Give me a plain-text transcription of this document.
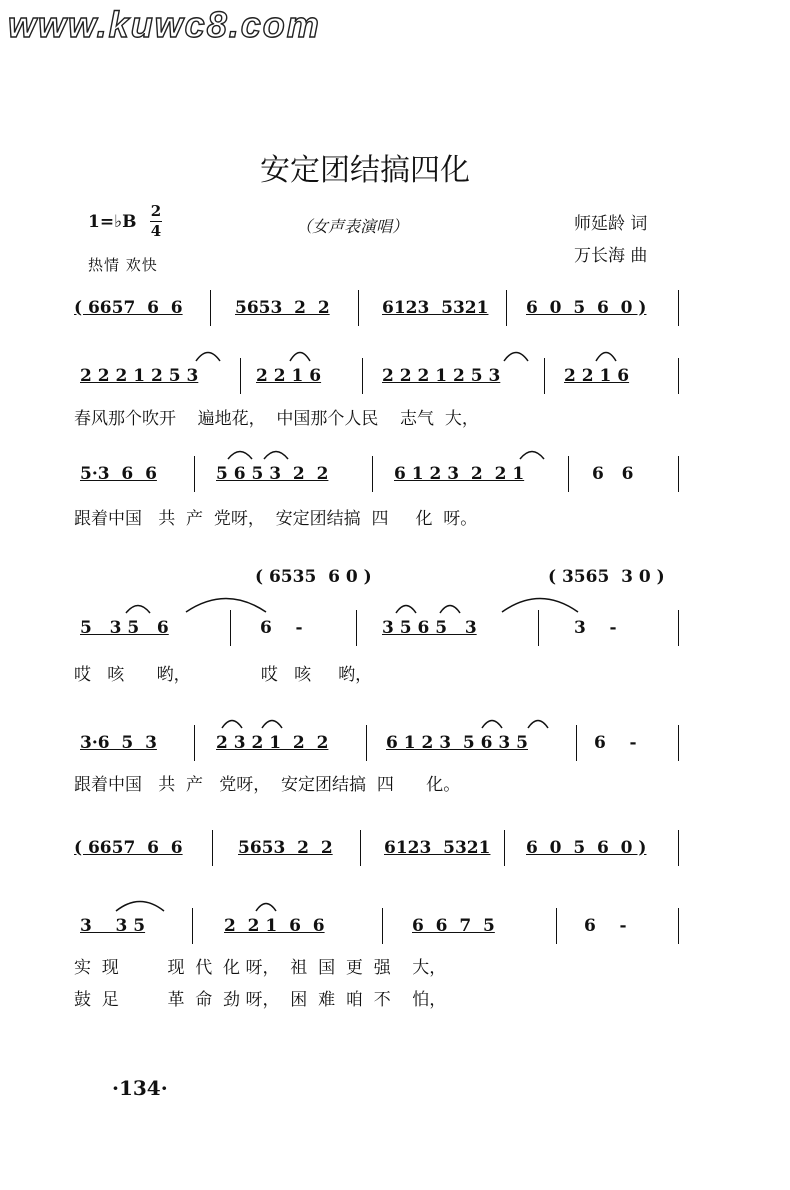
www.kuwc8.com
安定团结搞四化
1=♭B
2
4	（女声表演唱）	师延龄 词
万长海 曲
热情 欢快
( 6657  6  6	5653  2  2	6123  5321 6  0  5  6  0 )
2 2 2 1 2 5 3	2 2 1 6	2 2 2 1 2 5 3	2 2 1 6
春风那个吹开    遍地花，  中国那个人民    志气  大，
5·3  6  6	5 6 5 3  2  2	6 1 2 3  2  2 1	6   6
跟着中国   共  产  党呀，  安定团结搞  四     化  呀。
( 6535  6 0 )	( 3565  3 0 )
5   3 5   6	6    -	3 5 6 5   3	3    -
哎   咳      哟，             哎   咳     哟，
3·6  5  3	2 3 2 1  2  2	6 1 2 3  5 6 3 5	6    -
跟着中国   共  产   党呀，  安定团结搞  四      化。
( 6657  6  6	5653  2  2	6123  5321 6  0  5  6  0 )
3    3 5	2  2 1  6  6	6  6  7  5	6    -
实  现         现  代  化 呀，  祖  国  更  强    大，
鼓  足         革  命  劲 呀，  困  难  咱  不    怕，
·134·
